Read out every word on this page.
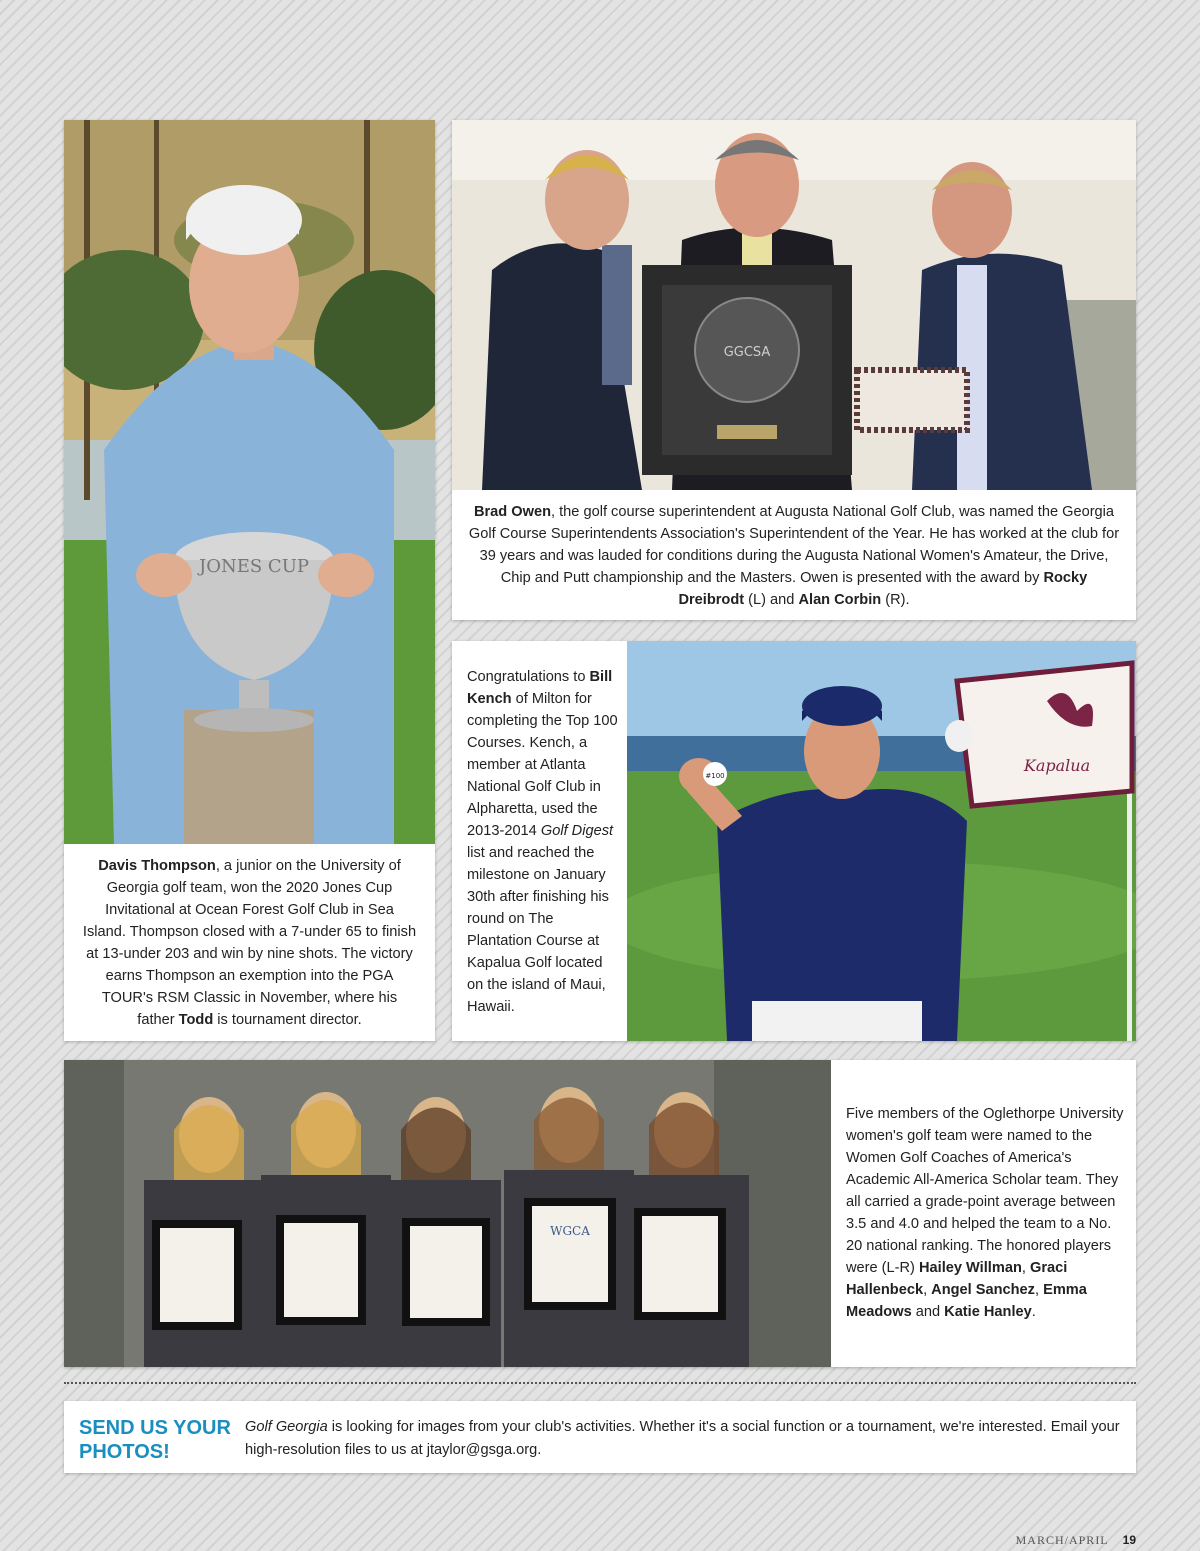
JONES CUP
Davis Thompson, a junior on the University of Georgia golf team, won the 2020 Jones Cup Invitational at Ocean Forest Golf Club in Sea Island. Thompson closed with a 7-under 65 to finish at 13-under 203 and win by nine shots. The victory earns Thompson an exemption into the PGA TOUR's RSM Classic in November, where his father Todd is tournament director.
GGCSA
Brad Owen, the golf course superintendent at Augusta National Golf Club, was named the Georgia Golf Course Superintendents Association's Superintendent of the Year. He has worked at the club for 39 years and was lauded for conditions during the Augusta National Women's Amateur, the Drive, Chip and Putt championship and the Masters. Owen is presented with the award by Rocky Dreibrodt (L) and Alan Corbin (R).
Congratulations to Bill Kench of Milton for completing the Top 100 Courses. Kench, a member at Atlanta National Golf Club in Alpharetta, used the 2013-2014 Golf Digest list and reached the milestone on January 30th after finishing his round on The Plantation Course at Kapalua Golf located on the island of Maui, Hawaii.
Kapalua
#100
WGCA
Five members of the Oglethorpe University women's golf team were named to the Women Golf Coaches of America's Academic All-America Scholar team. They all carried a grade-point average between 3.5 and 4.0 and helped the team to a No. 20 national ranking. The honored players were (L-R) Hailey Willman, Graci Hallenbeck, Angel Sanchez, Emma Meadows and Katie Hanley.
SEND US YOUR PHOTOS!
Golf Georgia is looking for images from your club's activities. Whether it's a social function or a tournament, we're interested. Email your high-resolution files to us at jtaylor@gsga.org.
MARCH/APRIL 19
